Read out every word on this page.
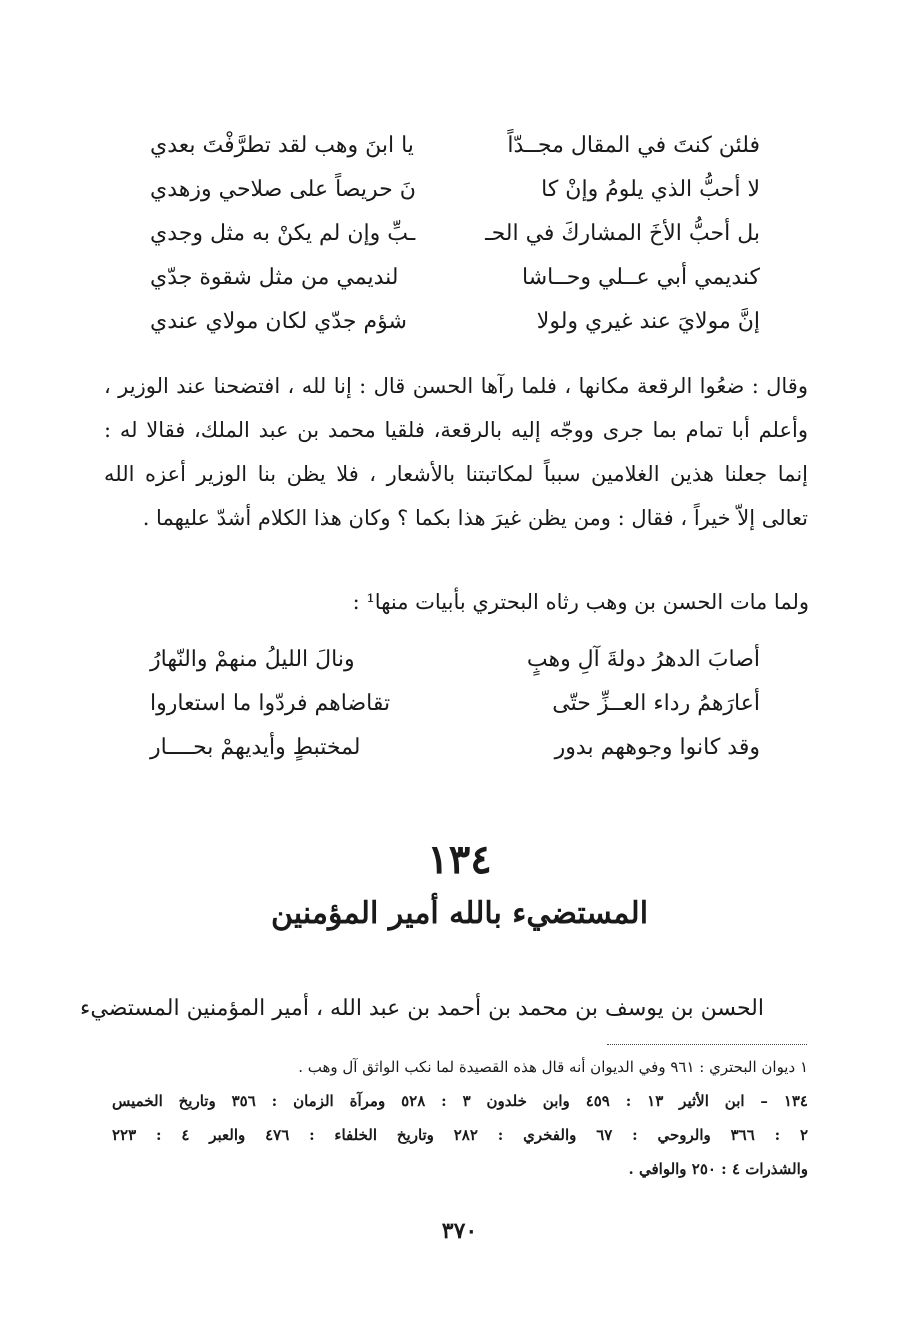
فلئن كنتَ في المقال مجــدّاً
يا ابنَ وهب لقد تطرَّفْتَ بعدي
لا أحبُّ الذي يلومُ وإنْ كا
نَ حريصاً على صلاحي وزهدي
بل أحبُّ الأخَ المشاركَ في الحـ
ـبِّ وإن لم يكنْ به مثل وجدي
كنديمي أبي عــلي وحــاشا
لنديمي من مثل شقوة جدّي
إنَّ مولايَ عند غيري ولولا
شؤم جدّي لكان مولاي عندي

وقال : ضعُوا الرقعة مكانها ، فلما رآها الحسن قال : إنا لله ، افتضحنا عند الوزير ، وأعلم أبا تمام بما جرى ووجّه إليه بالرقعة، فلقيا محمد بن عبد الملك، فقالا له : إنما جعلنا هذين الغلامين سبباً لمكاتبتنا بالأشعار ، فلا يظن بنا الوزير أعزه الله تعالى إلاّ خيراً ، فقال : ومن يظن غيرَ هذا بكما ؟ وكان هذا الكلام أشدّ عليهما .

ولما مات الحسن بن وهب رثاه البحتري بأبيات منها¹ :
أصابَ الدهرُ دولةَ آلِ وهبٍ
ونالَ الليلُ منهمْ والنّهارُ
أعارَهمُ رداء العــزِّ حتّى
تقاضاهم فردّوا ما استعاروا
وقد كانوا وجوههم بدور
لمختبطٍ وأيديهمْ بحــــار
١٣٤
المستضيء بالله أمير المؤمنين
الحسن بن يوسف بن محمد بن أحمد بن عبد الله ، أمير المؤمنين المستضيء
١ ديوان البحتري : ٩٦١ وفي الديوان أنه قال هذه القصيدة لما نكب الواثق آل وهب .
١٣٤ – ابن الأثير ١٣ : ٤٥٩ وابن خلدون ٣ : ٥٢٨ ومرآة الزمان : ٣٥٦ وتاريخ الخميس
٢ : ٣٦٦ والروحي : ٦٧ والفخري : ٢٨٢ وتاريخ الخلفاء : ٤٧٦ والعبر ٤ : ٢٢٣
والشذرات ٤ : ٢٥٠ والوافي .
٣٧٠
